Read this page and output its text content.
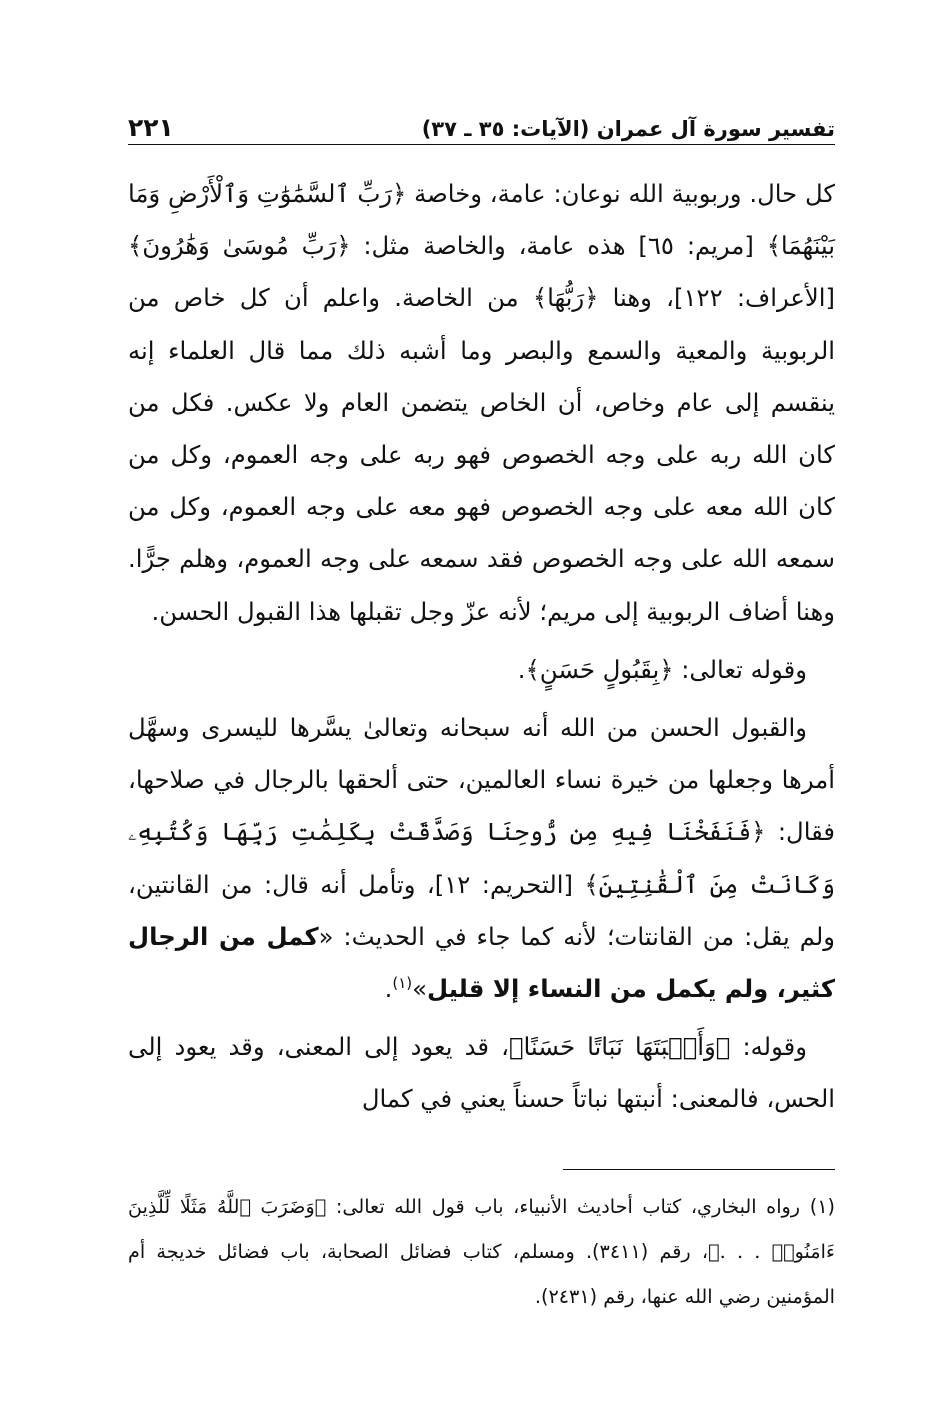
تفسير سورة آل عمران (الآيات: ٣٥ ـ ٣٧)
٢٢١

كل حال. وربوبية الله نوعان: عامة، وخاصة ﴿رَبِّ ٱلسَّمَٰوَٰتِ وَٱلْأَرْضِ وَمَا بَيْنَهُمَا﴾ [مريم: ٦٥] هذه عامة، والخاصة مثل: ﴿رَبِّ مُوسَىٰ وَهَٰرُونَ﴾ [الأعراف: ١٢٢]، وهنا ﴿رَبُّهَا﴾ من الخاصة. واعلم أن كل خاص من الربوبية والمعية والسمع والبصر وما أشبه ذلك مما قال العلماء إنه ينقسم إلى عام وخاص، أن الخاص يتضمن العام ولا عكس. فكل من كان الله ربه على وجه الخصوص فهو ربه على وجه العموم، وكل من كان الله معه على وجه الخصوص فهو معه على وجه العموم، وكل من سمعه الله على وجه الخصوص فقد سمعه على وجه العموم، وهلم جرًّا. وهنا أضاف الربوبية إلى مريم؛ لأنه عزّ وجل تقبلها هذا القبول الحسن.

وقوله تعالى: ﴿بِقَبُولٍ حَسَنٍ﴾.

والقبول الحسن من الله أنه سبحانه وتعالىٰ يسَّرها لليسرى وسهَّل أمرها وجعلها من خيرة نساء العالمين، حتى ألحقها بالرجال في صلاحها، فقال: ﴿فَنَفَخْنَا فِيهِ مِن رُّوحِنَا وَصَدَّقَتْ بِكَلِمَٰتِ رَبِّهَا وَكُتُبِهِۦ وَكَانَتْ مِنَ ٱلْقَٰنِتِينَ﴾ [التحريم: ١٢]، وتأمل أنه قال: من القانتين، ولم يقل: من القانتات؛ لأنه كما جاء في الحديث: «كمل من الرجال كثير، ولم يكمل من النساء إلا قليل»$^{(١)}$.

وقوله: ﴿وَأَنۢبَتَهَا نَبَاتًا حَسَنًا﴾، قد يعود إلى المعنى، وقد يعود إلى الحس، فالمعنى: أنبتها نباتاً حسناً يعني في كمال

(١) رواه البخاري، كتاب أحاديث الأنبياء، باب قول الله تعالى: ﴿وَضَرَبَ ٱللَّهُ مَثَلًا لِّلَّذِينَ ءَامَنُوا۟ . . .﴾، رقم (٣٤١١). ومسلم، كتاب فضائل الصحابة، باب فضائل خديجة أم المؤمنين رضي الله عنها، رقم (٢٤٣١).
